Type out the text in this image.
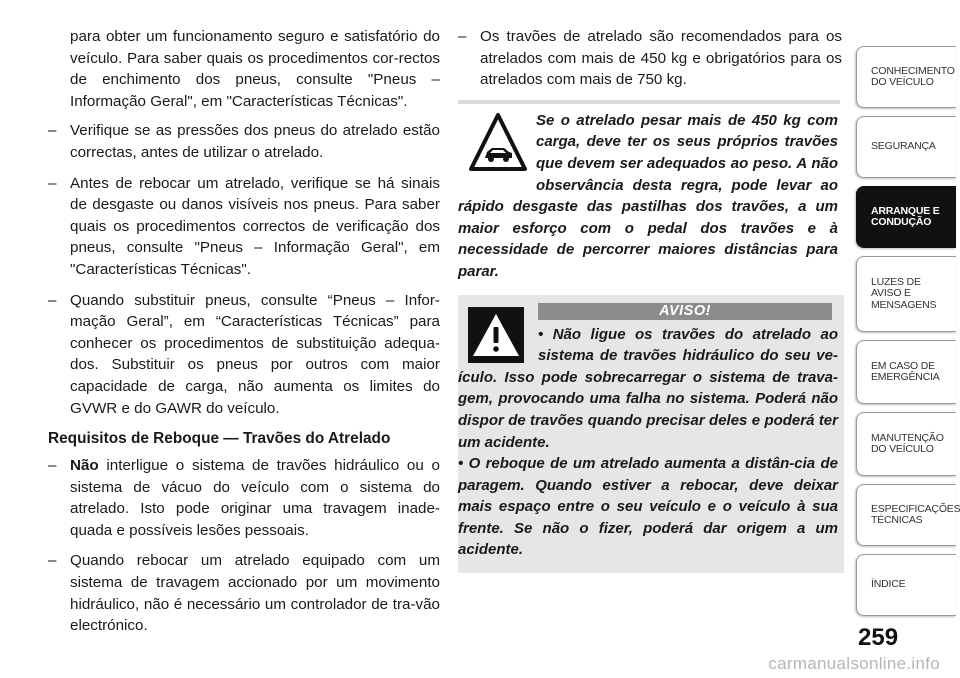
para obter um funcionamento seguro e satisfatório do veículo. Para saber quais os procedimentos cor-rectos de enchimento dos pneus, consulte "Pneus – Informação Geral", em "Características Técnicas".

– Verifique se as pressões dos pneus do atrelado estão correctas, antes de utilizar o atrelado.
– Antes de rebocar um atrelado, verifique se há sinais de desgaste ou danos visíveis nos pneus. Para saber quais os procedimentos correctos de verificação dos pneus, consulte "Pneus – Informação Geral", em "Características Técnicas".
– Quando substituir pneus, consulte “Pneus – Infor-mação Geral”, em “Características Técnicas” para conhecer os procedimentos de substituição adequa-dos. Substituir os pneus por outros com maior capacidade de carga, não aumenta os limites do GVWR e do GAWR do veículo.
Requisitos de Reboque — Travões do Atrelado
– Não interligue o sistema de travões hidráulico ou o sistema de vácuo do veículo com o sistema do atrelado. Isto pode originar uma travagem inade-quada e possíveis lesões pessoais.
– Quando rebocar um atrelado equipado com um sistema de travagem accionado por um movimento hidráulico, não é necessário um controlador de tra-vão electrónico.
– Os travões de atrelado são recomendados para os atrelados com mais de 450 kg e obrigatórios para os atrelados com mais de 750 kg.
Se o atrelado pesar mais de 450 kg com carga, deve ter os seus próprios travões que devem ser adequados ao peso. A não observância desta regra, pode levar ao rápido desgaste das pastilhas dos travões, a um maior esforço com o pedal dos travões e à necessidade de percorrer maiores distâncias para parar.
AVISO!

• Não ligue os travões do atrelado ao sistema de travões hidráulico do seu ve-ículo. Isso pode sobrecarregar o sistema de trava-gem, provocando uma falha no sistema. Poderá não dispor de travões quando precisar deles e poderá ter um acidente.

• O reboque de um atrelado aumenta a distân-cia de paragem. Quando estiver a rebocar, deve deixar mais espaço entre o seu veículo e o veículo à sua frente. Se não o fizer, poderá dar origem a um acidente.

CONHECIMENTO DO VEÍCULO
SEGURANÇA
ARRANQUE E CONDUÇÃO
LUZES DE AVISO E MENSAGENS
EM CASO DE EMERGÊNCIA
MANUTENÇÃO DO VEÍCULO
ESPECIFICAÇÕES TÉCNICAS
ÍNDICE
259
carmanualsonline.info
